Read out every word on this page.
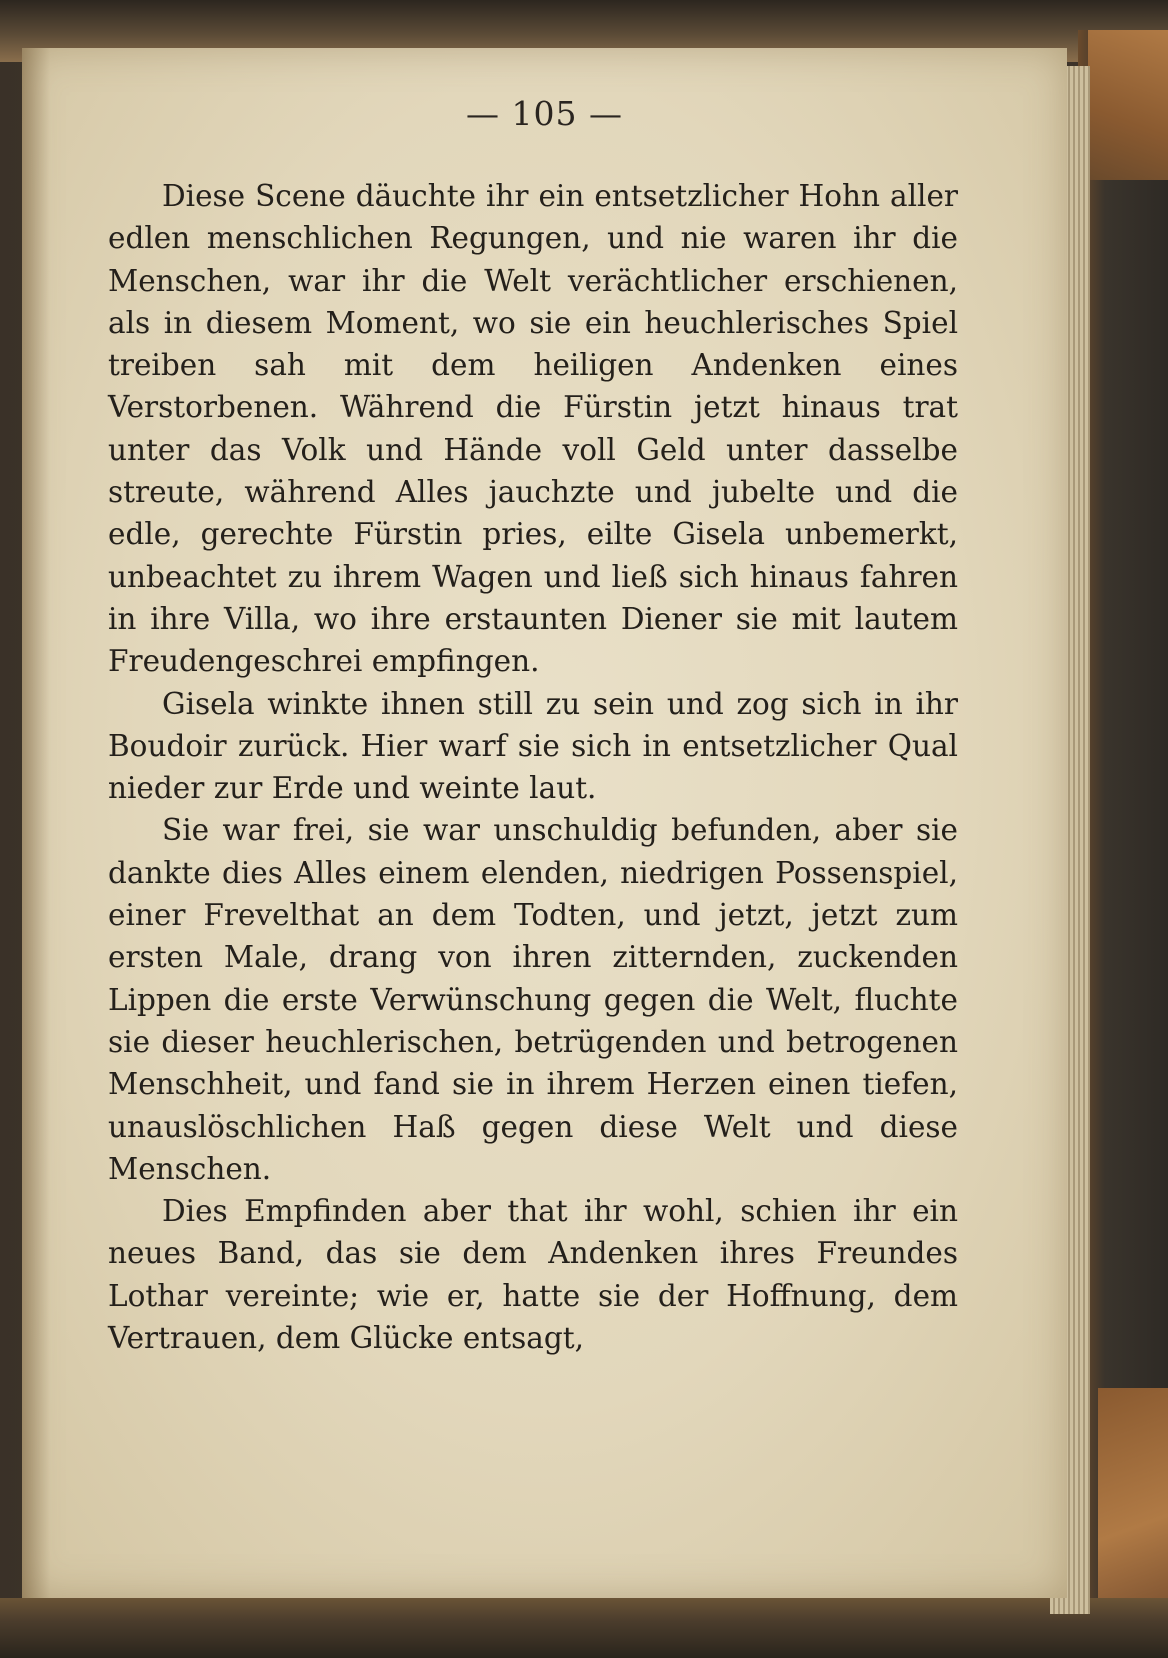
— 105 —

Diese Scene däuchte ihr ein entsetzlicher Hohn aller edlen menschlichen Regungen, und nie waren ihr die Menschen, war ihr die Welt verächtlicher erschienen, als in diesem Moment, wo sie ein heuchlerisches Spiel treiben sah mit dem heiligen Andenken eines Verstorbenen. Während die Fürstin jetzt hinaus trat unter das Volk und Hände voll Geld unter dasselbe streute, während Alles jauchzte und jubelte und die edle, gerechte Fürstin pries, eilte Gisela unbemerkt, unbeachtet zu ihrem Wagen und ließ sich hinaus fahren in ihre Villa, wo ihre erstaunten Diener sie mit lautem Freudengeschrei empfingen.

Gisela winkte ihnen still zu sein und zog sich in ihr Boudoir zurück. Hier warf sie sich in entsetzlicher Qual nieder zur Erde und weinte laut.

Sie war frei, sie war unschuldig befunden, aber sie dankte dies Alles einem elenden, niedrigen Possenspiel, einer Frevelthat an dem Todten, und jetzt, jetzt zum ersten Male, drang von ihren zitternden, zuckenden Lippen die erste Verwünschung gegen die Welt, fluchte sie dieser heuchlerischen, betrügenden und betrogenen Menschheit, und fand sie in ihrem Herzen einen tiefen, unauslöschlichen Haß gegen diese Welt und diese Menschen.

Dies Empfinden aber that ihr wohl, schien ihr ein neues Band, das sie dem Andenken ihres Freundes Lothar vereinte; wie er, hatte sie der Hoffnung, dem Vertrauen, dem Glücke entsagt,
